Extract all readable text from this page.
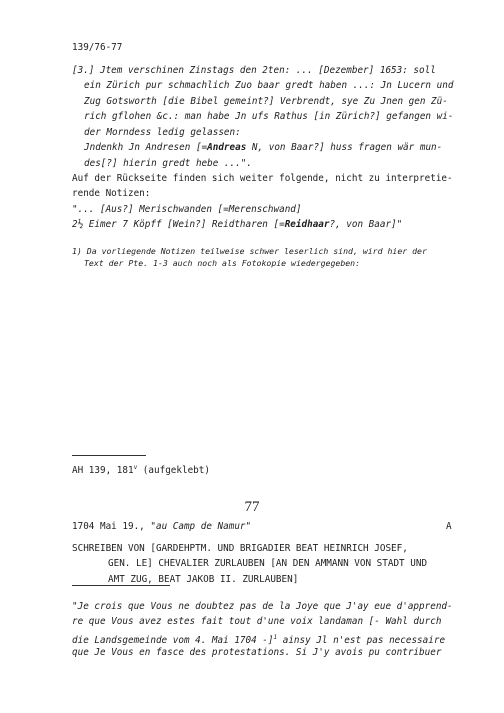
139/76-77
[3.] Jtem verschinen Zinstags den 2ten: ... [Dezember] 1653: soll
ein Zürich pur schmachlich Zuo baar gredt haben ...: Jn Lucern und
Zug Gotsworth [die Bibel gemeint?] Verbrendt, sye Zu Jnen gen Zü-
rich gflohen &c.: man habe Jn ufs Rathus [in Zürich?] gefangen wi-
der Morndess ledig gelassen:
Jndenkh Jn Andresen [=Andreas N, von Baar?] huss fragen wär mun-
des[?] hierin gredt hebe ...".
Auf der Rückseite finden sich weiter folgende, nicht zu interpretie-
rende Notizen:
"... [Aus?] Merischwanden [=Merenschwand]
2½ Eimer 7 Köpff [Wein?] Reidtharen [=Reidhaar?, von Baar]"
1) Da vorliegende Notizen teilweise schwer leserlich sind, wird hier der
Text der Pte. 1-3 auch noch als Fotokopie wiedergegeben:
AH 139, 181$^v$ (aufgeklebt)
77
1704 Mai 19., "au Camp de Namur"	A
SCHREIBEN VON [GARDEHPTM. UND BRIGADIER BEAT HEINRICH JOSEF,
GEN. LE] CHEVALIER ZURLAUBEN [AN DEN AMMANN VON STADT UND
AMT ZUG, BEAT JAKOB II. ZURLAUBEN]
"Je crois que Vous ne doubtez pas de la Joye que J'ay eue d'apprend-
re que Vous avez estes fait tout d'une voix landaman [- Wahl durch
die Landsgemeinde vom 4. Mai 1704 -]$^1$ ainsy Jl n'est pas necessaire
que Je Vous en fasce des protestations. Si J'y avois pu contribuer
